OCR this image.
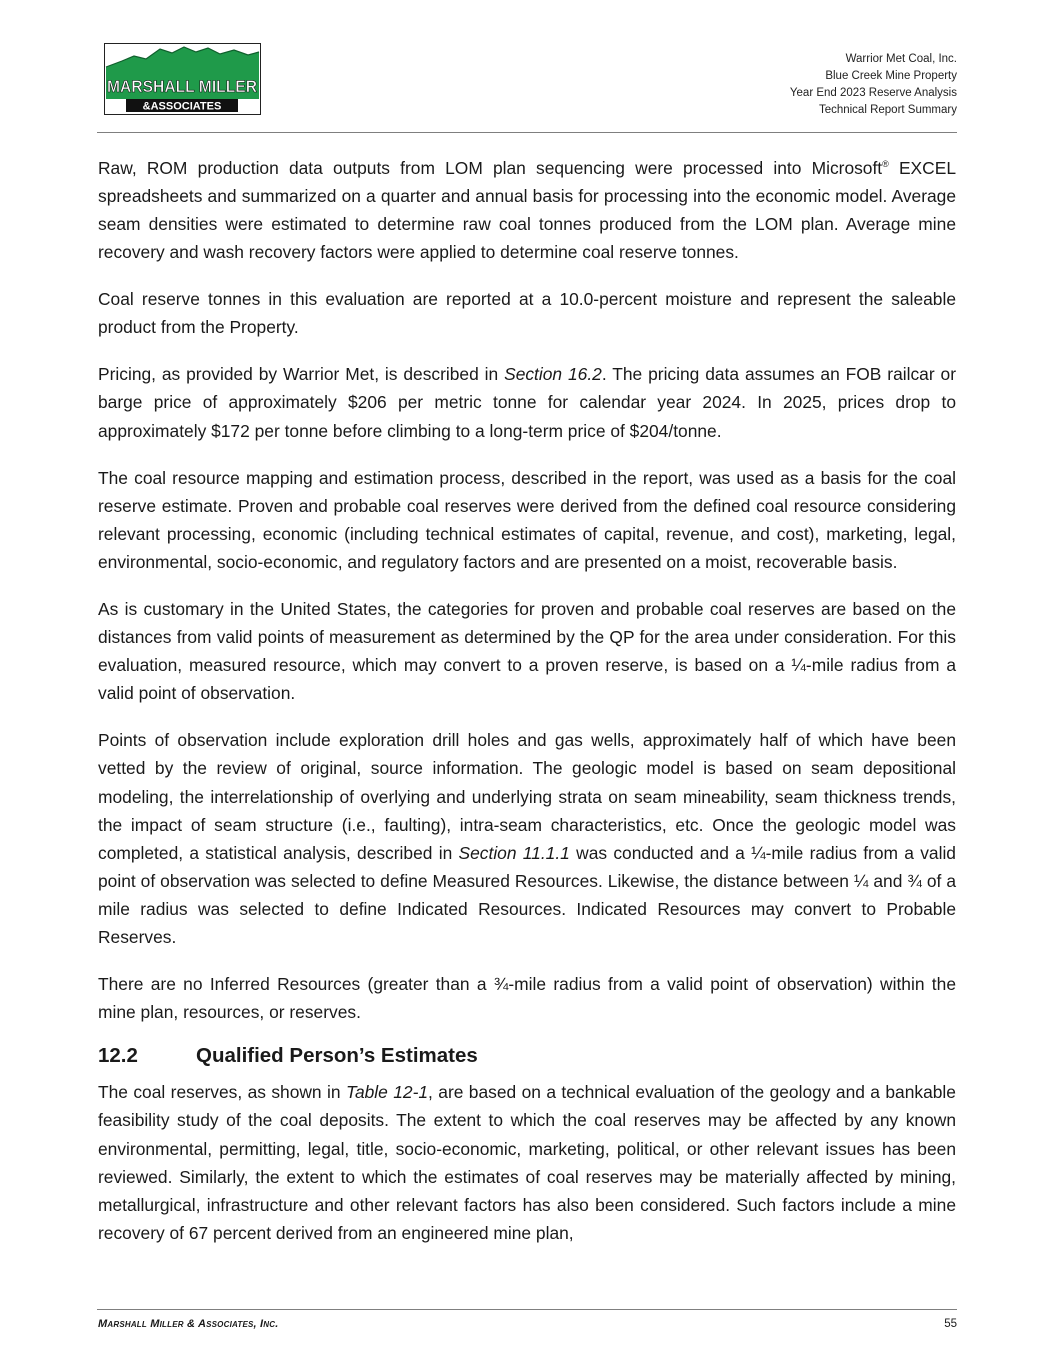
MARSHALL MILLER
&ASSOCIATES
Warrior Met Coal, Inc.
Blue Creek Mine Property
Year End 2023 Reserve Analysis
Technical Report Summary

Raw, ROM production data outputs from LOM plan sequencing were processed into Microsoft® EXCEL spreadsheets and summarized on a quarter and annual basis for processing into the economic model. Average seam densities were estimated to determine raw coal tonnes produced from the LOM plan. Average mine recovery and wash recovery factors were applied to determine coal reserve tonnes.

Coal reserve tonnes in this evaluation are reported at a 10.0-percent moisture and represent the saleable product from the Property.

Pricing, as provided by Warrior Met, is described in Section 16.2. The pricing data assumes an FOB railcar or barge price of approximately $206 per metric tonne for calendar year 2024. In 2025, prices drop to approximately $172 per tonne before climbing to a long-term price of $204/tonne.

The coal resource mapping and estimation process, described in the report, was used as a basis for the coal reserve estimate. Proven and probable coal reserves were derived from the defined coal resource considering relevant processing, economic (including technical estimates of capital, revenue, and cost), marketing, legal, environmental, socio-economic, and regulatory factors and are presented on a moist, recoverable basis.

As is customary in the United States, the categories for proven and probable coal reserves are based on the distances from valid points of measurement as determined by the QP for the area under consideration. For this evaluation, measured resource, which may convert to a proven reserve, is based on a ¼-mile radius from a valid point of observation.

Points of observation include exploration drill holes and gas wells, approximately half of which have been vetted by the review of original, source information. The geologic model is based on seam depositional modeling, the interrelationship of overlying and underlying strata on seam mineability, seam thickness trends, the impact of seam structure (i.e., faulting), intra-seam characteristics, etc. Once the geologic model was completed, a statistical analysis, described in Section 11.1.1 was conducted and a ¼-mile radius from a valid point of observation was selected to define Measured Resources. Likewise, the distance between ¼ and ¾ of a mile radius was selected to define Indicated Resources. Indicated Resources may convert to Probable Reserves.

There are no Inferred Resources (greater than a ¾-mile radius from a valid point of observation) within the mine plan, resources, or reserves.

12.2	Qualified Person’s Estimates

The coal reserves, as shown in Table 12-1, are based on a technical evaluation of the geology and a bankable feasibility study of the coal deposits. The extent to which the coal reserves may be affected by any known environmental, permitting, legal, title, socio-economic, marketing, political, or other relevant issues has been reviewed. Similarly, the extent to which the estimates of coal reserves may be materially affected by mining, metallurgical, infrastructure and other relevant factors has also been considered. Such factors include a mine recovery of 67 percent derived from an engineered mine plan,

Marshall Miller & Associates, Inc.	55
